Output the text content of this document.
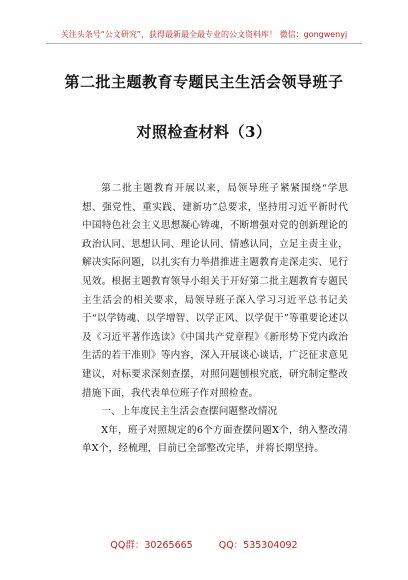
关注头条号“公文研究”，获得最新最全最专业的公文资料库！ 微信：gongwenyj
第二批主题教育专题民主生活会领导班子
对照检查材料（3）

第二批主题教育开展以来，局领导班子紧紧围绕“学思想、强党性、重实践、建新功”总要求，坚持用习近平新时代中国特色社会主义思想凝心铸魂，不断增强对党的创新理论的政治认同、思想认同、理论认同、情感认同，立足主责主业，解决实际问题，以扎实有力举措推进主题教育走深走实、见行见效。根据主题教育领导小组关于开好第二批主题教育专题民主生活会的相关要求，局领导班子深入学习习近平总书记关于“以学铸魂、以学增智、以学正风、以学促干”等重要论述以及《习近平著作选读》《中国共产党章程》《新形势下党内政治生活的若干准则》等内容，深入开展谈心谈话，广泛征求意见建议，对标要求深刻查摆，对照问题刨根究底，研究制定整改措施下面，我代表单位班子作对照检查。

一、上年度民主生活会查摆问题整改情况

X年，班子对照规定的6个方面查摆问题X个，纳入整改清单X个，经梳理，目前已全部整改完毕，并将长期坚持。

QQ群：30265665	QQ：535304092
